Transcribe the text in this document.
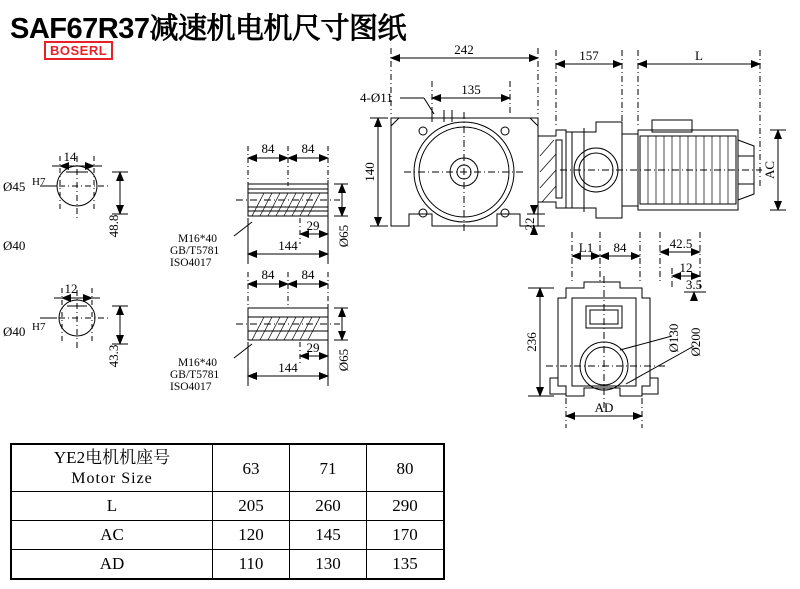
SAF67R37减速机电机尺寸图纸
BOSERL
14
Ø45 H7
48.8
Ø40
12
Ø40 H7
43.3
84 84
29
144	Ø65
M16*40
GB/T5781
ISO4017
84 84
29
144	Ø65
M16*40
GB/T5781
ISO4017
242
135
4-Ø11
140
22
157	L
AC
L1 84	42.5
12
3.5
236	Ø130 Ø200
AD
YE2电机机座号
Motor Size	63	71	80
L	205	260	290
AC	120	145	170
AD	110	130	135
